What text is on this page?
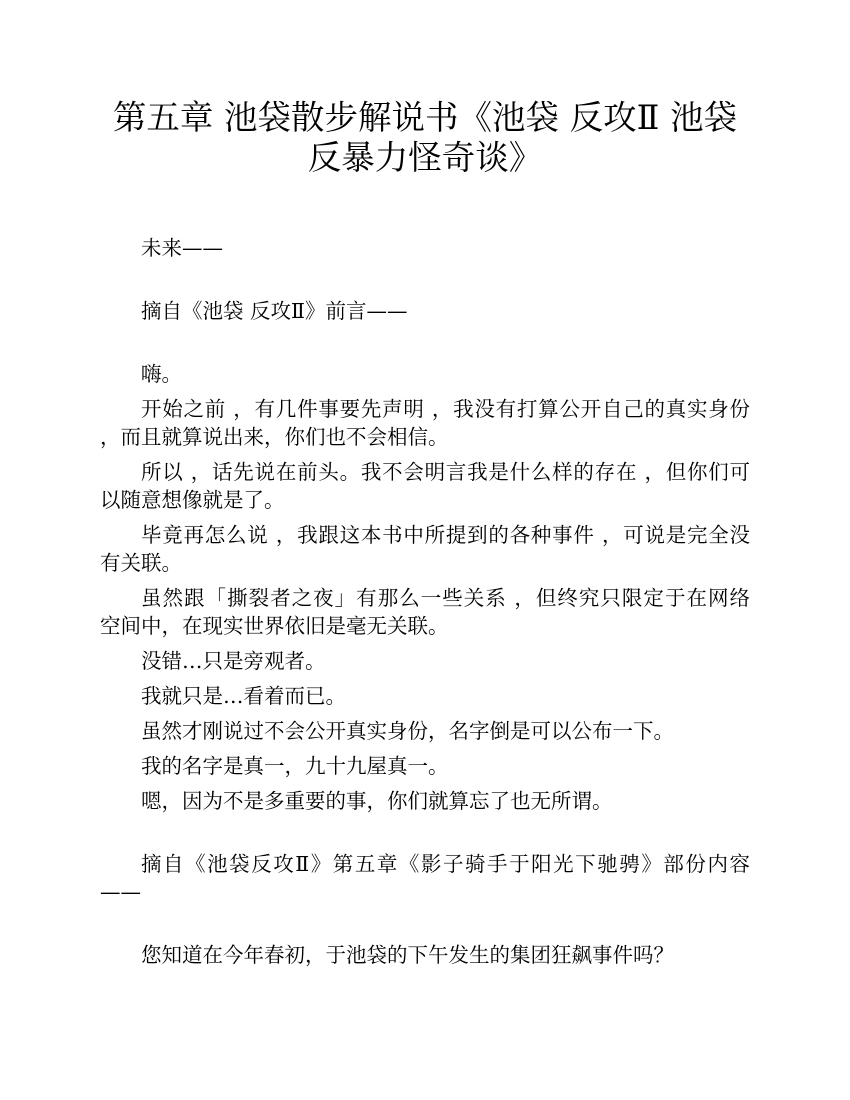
第五章 池袋散步解说书《池袋 反攻Ⅱ 池袋反暴力怪奇谈》

未来——

摘自《池袋 反攻Ⅱ》前言——

嗨。

开始之前 ，有几件事要先声明 ，我没有打算公开自己的真实身份
，而且就算说出来，你们也不会相信。

所以 ，话先说在前头。我不会明言我是什么样的存在 ，但你们可
以随意想像就是了。

毕竟再怎么说 ，我跟这本书中所提到的各种事件 ，可说是完全没
有关联。

虽然跟「撕裂者之夜」有那么一些关系 ，但终究只限定于在网络
空间中，在现实世界依旧是毫无关联。

没错…只是旁观者。

我就只是…看着而已。

虽然才刚说过不会公开真实身份，名字倒是可以公布一下。

我的名字是真一，九十九屋真一。

嗯，因为不是多重要的事，你们就算忘了也无所谓。

摘自《池袋反攻Ⅱ》第五章《影子骑手于阳光下驰骋》部份内容
——

您知道在今年春初，于池袋的下午发生的集团狂飙事件吗？
